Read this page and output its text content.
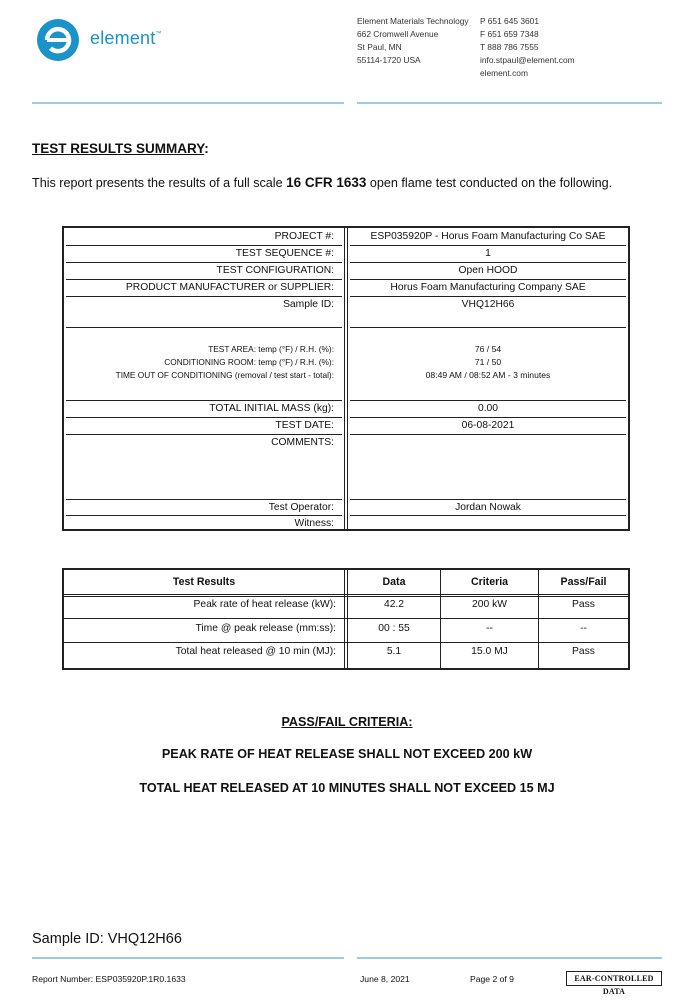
element™
Element Materials Technology
662 Cromwell Avenue
St Paul, MN
55114-1720 USA
P 651 645 3601
F 651 659 7348
T 888 786 7555
info.stpaul@element.com
element.com
TEST RESULTS SUMMARY:
This report presents the results of a full scale 16 CFR 1633 open flame test conducted on the following.
PROJECT #:	ESP035920P - Horus Foam Manufacturing Co SAE
TEST SEQUENCE #:	1
TEST CONFIGURATION:	Open HOOD
PRODUCT MANUFACTURER or SUPPLIER:	Horus Foam Manufacturing Company SAE
Sample ID:	VHQ12H66
TEST AREA: temp (°F) / R.H. (%):	76 / 54
CONDITIONING ROOM: temp (°F) / R.H. (%):	71 / 50
TIME OUT OF CONDITIONING (removal / test start - total):	08:49 AM / 08:52 AM - 3 minutes
TOTAL INITIAL MASS (kg):	0.00
TEST DATE:	06-08-2021
COMMENTS:
Test Operator:	Jordan Nowak
Witness:
Test Results	Data	Criteria	Pass/Fail
Peak rate of heat release (kW):	42.2	200 kW	Pass
Time @ peak release (mm:ss):	00 : 55	--	--
Total heat released @ 10 min (MJ):	5.1	15.0 MJ	Pass
PASS/FAIL CRITERIA:
PEAK RATE OF HEAT RELEASE SHALL NOT EXCEED 200 kW
TOTAL HEAT RELEASED AT 10 MINUTES SHALL NOT EXCEED 15 MJ
Sample ID: VHQ12H66
Report Number: ESP035920P.1R0.1633	June 8, 2021	Page 2 of 9	EAR-CONTROLLED DATA
